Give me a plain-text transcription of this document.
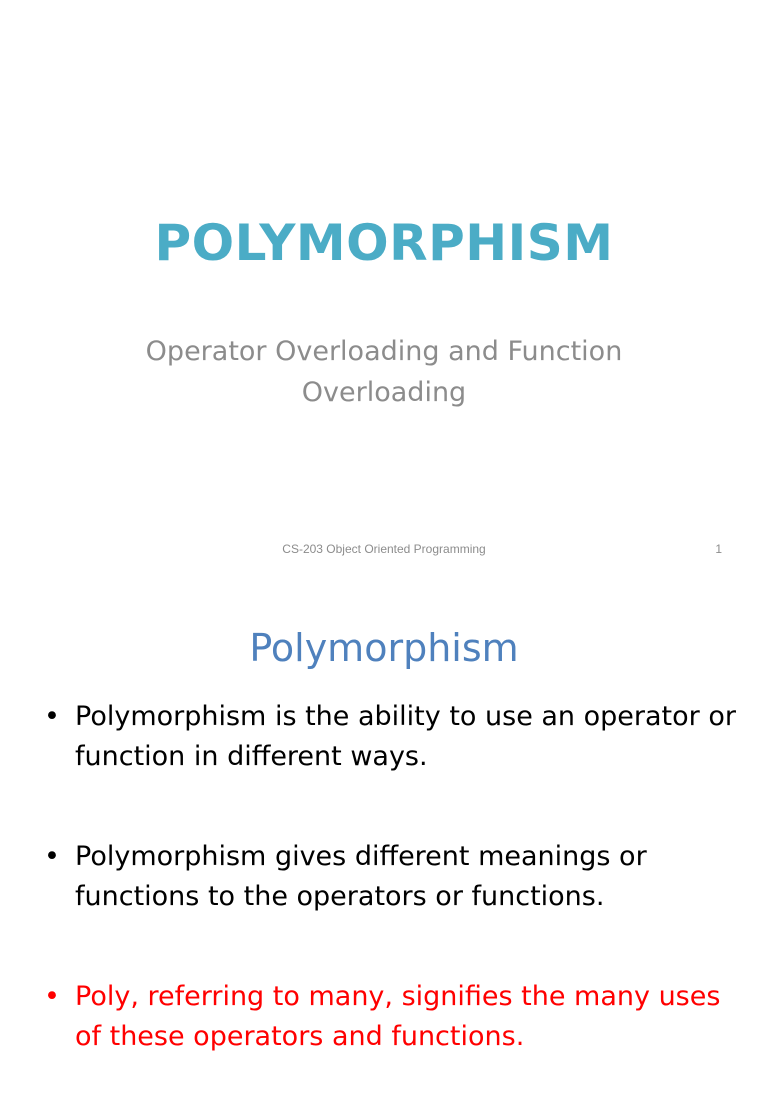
POLYMORPHISM
Operator Overloading and Function Overloading
CS-203 Object Oriented Programming	1
Polymorphism
• Polymorphism is the ability to use an operator or function in different ways.
• Polymorphism gives different meanings or functions to the operators or functions.
• Poly, referring to many, signifies the many uses of these operators and functions.
